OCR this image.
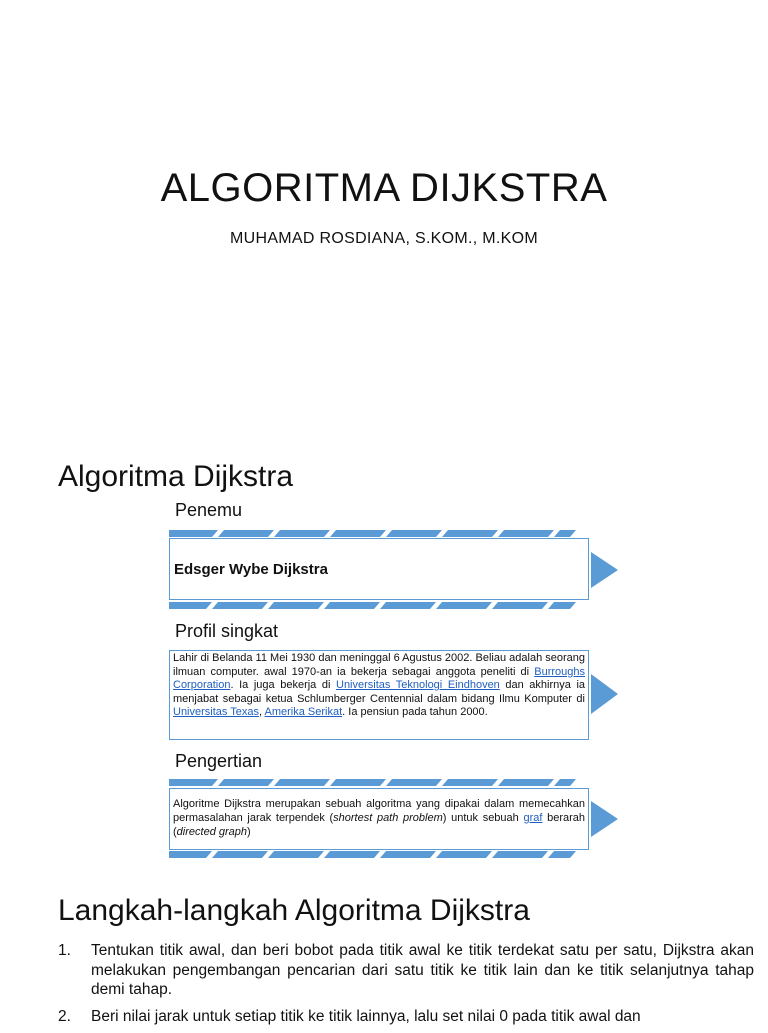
ALGORITMA DIJKSTRA
MUHAMAD ROSDIANA, S.KOM., M.KOM
Algoritma Dijkstra
Penemu
Edsger Wybe Dijkstra
Profil singkat
Lahir di Belanda 11 Mei 1930 dan meninggal 6 Agustus 2002. Beliau adalah seorang ilmuan computer. awal 1970-an ia bekerja sebagai anggota peneliti di Burroughs Corporation. Ia juga bekerja di Universitas Teknologi Eindhoven dan akhirnya ia menjabat sebagai ketua Schlumberger Centennial dalam bidang Ilmu Komputer di Universitas Texas, Amerika Serikat. Ia pensiun pada tahun 2000.
Pengertian
Algoritme Dijkstra merupakan sebuah algoritma yang dipakai dalam memecahkan permasalahan jarak terpendek (shortest path problem) untuk sebuah graf berarah (directed graph)
Langkah-langkah Algoritma Dijkstra
1. Tentukan titik awal, dan beri bobot pada titik awal ke titik terdekat satu per satu, Dijkstra akan melakukan pengembangan pencarian dari satu titik ke titik lain dan ke titik selanjutnya tahap demi tahap.
2. Beri nilai jarak untuk setiap titik ke titik lainnya, lalu set nilai 0 pada titik awal dan
